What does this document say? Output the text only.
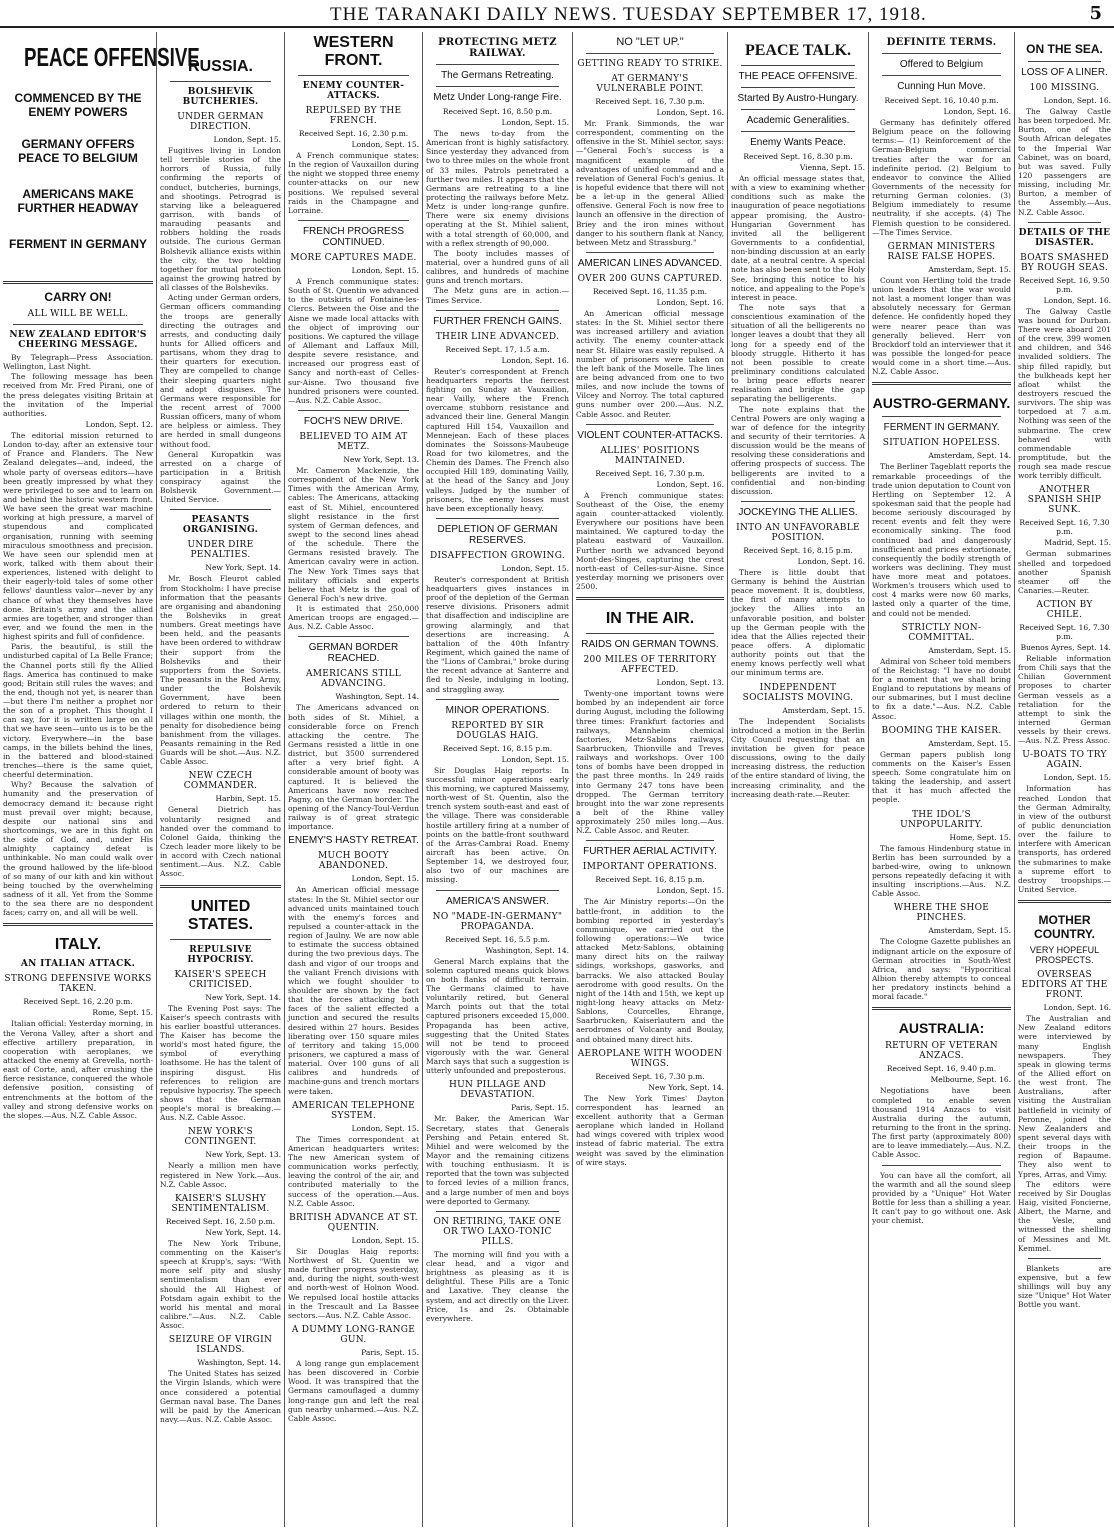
THE TARANAKI DAILY NEWS. TUESDAY SEPTEMBER 17, 1918.	5
PEACE OFFENSIVE
COMMENCED BY THE ENEMY POWERS
GERMANY OFFERS PEACE TO BELGIUM
AMERICANS MAKE FURTHER HEADWAY
FERMENT IN GERMANY
CARRY ON!
ALL WILL BE WELL.
NEW ZEALAND EDITOR'S CHEERING MESSAGE.
By Telegraph—Press Association. Wellington, Last Night.
The following message has been received from Mr. Fred Pirani, one of the press delegates visiting Britain at the invitation of the Imperial authorities.
London, Sept. 12.
The editorial mission returned to London to-day, after an extensive tour of France and Flanders. The New Zealand delegates—and, indeed, the whole party of overseas editors—have been greatly impressed by what they were privileged to see and to learn on and behind the historic western front. We have seen the great war machine working at high pressure, a marvel of stupendous and complicated organisation, running with seeming miraculous smoothness and precision. We have seen our splendid men at work, talked with them about their experiences, listened with delight to their eagerly-told tales of some other fellows' dauntless valor—never by any chance of what they themselves have done. Britain's army and the allied armies are together, and stronger than ever, and we found the men in the highest spirits and full of confidence.
Paris, the beautiful, is still the undisturbed capital of La Belle France; the Channel ports still fly the Allied flags. America has continued to make good; Britain still rules the waves; and the end, though not yet, is nearer than—but there I'm neither a prophet nor the son of a prophet. This thought I can say, for it is written large on all that we have seen—unto us is to be the victory. Everywhere—in the base camps, in the billets behind the lines, in the battered and blood-stained trenches—there is the same quiet, cheerful determination.
Why? Because the salvation of humanity and the preservation of democracy demand it: because right must prevail over might; because, despite our national sins and shortcomings, we are in this fight on the side of God, and, under His almighty captaincy defeat is unthinkable. No man could walk over the ground hallowed by the life-blood of so many of our kith and kin without being touched by the overwhelming sadness of it all. Yet from the Somme to the sea there are no despondent faces; carry on, and all will be well.
ITALY.
AN ITALIAN ATTACK.
STRONG DEFENSIVE WORKS TAKEN.
Received Sept. 16, 2.20 p.m.
Rome, Sept. 15.
Italian official: Yesterday morning, in the Verona Valley, after a short and effective artillery preparation, in cooperation with aeroplanes, we attacked the enemy at Grevella, north-east of Corte, and, after crushing the fierce resistance, conquered the whole defensive position, consisting of entrenchments at the bottom of the valley and strong defensive works on the slopes.—Aus. N.Z. Cable Assoc.
RUSSIA.
BOLSHEVIK BUTCHERIES.
UNDER GERMAN DIRECTION.
London, Sept. 15.
Fugitives living in London tell terrible stories of the horrors of Russia, fully confirming the reports of conduct, butcheries, burnings, and shootings. Petrograd is starving like a beleaguered garrison, with bands of marauding peasants and robbers holding the roads outside. The curious German Bolshevik alliance exists within the city, the two holding together for mutual protection against the growing hatred by all classes of the Bolsheviks.
Acting under German orders, German officers commanding the troops are generally directing the outrages and arrests, and conducting daily hunts for Allied officers and partisans, whom they drag to their quarters for execution. They are compelled to change their sleeping quarters night and adopt disguises. The Germans were responsible for the recent arrest of 7000 Russian officers, many of whom are helpless or aimless. They are herded in small dungeons without food.
General Kuropatkin was arrested on a charge of participation in a British conspiracy against the Bolshevik Government.—United Service.
PEASANTS ORGANISING.
UNDER DIRE PENALTIES.
New York, Sept. 14.
Mr. Bosch Fleurot cabled from Stockholm: I have precise information that the peasants are organising and abandoning the Bolsheviks in great numbers. Great meetings have been held, and the peasants have been ordered to withdraw their support from the Bolsheviks and their supporters from the Soviets. The peasants in the Red Army, under the Bolshevik Government, have been ordered to return to their villages within one month, the penalty for disobedience being banishment from the villages. Peasants remaining in the Red Guards will be shot.—Aus. N.Z. Cable Assoc.
NEW CZECH COMMANDER.
Harbin, Sept. 15.
General Dietrich has voluntarily resigned and handed over the command to Colonel Gaida, thinking the Czech leader more likely to be in accord with Czech national sentiment.—Aus. N.Z. Cable Assoc.
UNITED STATES.
REPULSIVE HYPOCRISY.
KAISER'S SPEECH CRITICISED.
New York, Sept. 14.
The Evening Post says: The Kaiser's speech contrasts with his earlier boastful utterances. The Kaiser has become the world's most hated figure, the symbol of everything loathsome. He has the talent of inspiring disgust. His references to religion are repulsive hypocrisy. The speech shows that the German people's moral is breaking.—Aus. N.Z. Cable Assoc.
NEW YORK'S CONTINGENT.
New York, Sept. 13.
Nearly a million men have registered in New York.—Aus. N.Z. Cable Assoc.
KAISER'S SLUSHY SENTIMENTALISM.
Received Sept. 16, 2.50 p.m.
New York, Sept. 14.
The New York Tribune, commenting on the Kaiser's speech at Krupp's, says: "With more self pity and slushy sentimentalism than ever should the All Highest of Potsdam again exhibit to the world his mental and moral calibre."—Aus. N.Z. Cable Assoc.
SEIZURE OF VIRGIN ISLANDS.
Washington, Sept. 14.
The United States has seized the Virgin Islands, which were once considered a potential German naval base. The Danes will be paid by the American navy.—Aus. N.Z. Cable Assoc.
WESTERN FRONT.
ENEMY COUNTER-ATTACKS.
REPULSED BY THE FRENCH.
Received Sept. 16, 2.30 p.m.
London, Sept. 15.
A French communique states: In the region of Vauxaillon during the night we stopped three enemy counter-attacks on our new positions. We repulsed several raids in the Champagne and Lorraine.
FRENCH PROGRESS CONTINUED.
MORE CAPTURES MADE.
London, Sept. 15.
A French communique states: South of St. Quentin we advanced to the outskirts of Fontaine-les-Clercs. Between the Oise and the Aisne we made local attacks with the object of improving our positions. We captured the village of Allemant and Laffaux Mill, despite severe resistance, and increased our progress east of Sancy and north-east of Celles-sur-Aisne. Two thousand five hundred prisoners were counted.—Aus. N.Z. Cable Assoc.
FOCH'S NEW DRIVE.
BELIEVED TO AIM AT METZ.
New York, Sept. 13.
Mr. Cameron Mackenzie, the correspondent of the New York Times with the American Army, cables: The Americans, attacking east of St. Mihiel, encountered slight resistance in the first system of German defences, and swept to the second lines ahead of the schedule. There the Germans resisted bravely. The American cavalry were in action. The New York Times says that military officials and experts believe that Metz is the goal of General Foch's new drive.
It is estimated that 250,000 American troops are engaged.—Aus. N.Z. Cable Assoc.
GERMAN BORDER REACHED.
AMERICANS STILL ADVANCING.
Washington, Sept. 14.
The Americans advanced on both sides of St. Mihiel, a considerable force on French attacking the centre. The Germans resisted a little in one district, but 3500 surrendered after a very brief fight. A considerable amount of booty was captured. It is believed the Americans have now reached Pagny, on the German border. The opening of the Nancy-Toul-Verdun railway is of great strategic importance.
ENEMY'S HASTY RETREAT.
MUCH BOOTY ABANDONED.
London, Sept. 15.
An American official message states: In the St. Mihiel sector our advanced units maintained touch with the enemy's forces and repulsed a counter-attack in the region of Jaulny. We are now able to estimate the success obtained during the two previous days. The dash and vigor of our troops and the valiant French divisions with which we fought shoulder to shoulder are shown by the fact that the forces attacking both faces of the salient effected a junction and secured the results desired within 27 hours. Besides liberating over 150 square miles of territory and taking 15,000 prisoners, we captured a mass of material. Over 100 guns of all calibres and hundreds of machine-guns and trench mortars were taken.
AMERICAN TELEPHONE SYSTEM.
London, Sept. 15.
The Times correspondent at American headquarters writes: The new American system of communication works perfectly, leaving the control of the air, and contributed materially to the success of the operation.—Aus. N.Z. Cable Assoc.
BRITISH ADVANCE AT ST. QUENTIN.
London, Sept. 15.
Sir Douglas Haig reports: Northwest of St. Quentin we made further progress yesterday, and, during the night, south-west and north-west of Holnon Wood. We repulsed local hostile attacks in the Trescault and La Bassee sectors.—Aus. N.Z. Cable Assoc.
A DUMMY LONG-RANGE GUN.
Paris, Sept. 15.
A long range gun emplacement has been discovered in Corbie Wood. It was transpired that the Germans camouflaged a dummy long-range gun and left the real gun nearby unharmed.—Aus. N.Z. Cable Assoc.
PROTECTING METZ RAILWAY.
The Germans Retreating.
Metz Under Long-range Fire.
Received Sept. 16, 8.50 p.m.
London, Sept. 15.
The news to-day from the American front is highly satisfactory. Since yesterday they advanced from two to three miles on the whole front of 33 miles. Patrols penetrated a further two miles. It appears that the Germans are retreating to a line protecting the railways before Metz. Metz is under long-range gunfire. There were six enemy divisions operating at the St. Mihiel salient, with a total strength of 60,000, and with a reflex strength of 90,000.
The booty includes masses of material, over a hundred guns of all calibres, and hundreds of machine guns and trench mortars.
The Metz guns are in action.—Times Service.
FURTHER FRENCH GAINS.
THEIR LINE ADVANCED.
Received Sept. 17, 1.5 a.m.
London, Sept. 16.
Reuter's correspondent at French headquarters reports the fiercest fighting on Sunday at Vauxaillon, near Vailly, where the French overcame stubborn resistance and advanced their line. General Mangin captured Hill 154, Vauxaillon and Mennejean. Each of these places dominates the Soissons-Maubeuge Road for two kilometres, and the Chemin des Dames. The French also occupied Hill 189, dominating Vailly, at the head of the Sancy and Jouy valleys. Judged by the number of prisoners, the enemy losses must have been exceptionally heavy.
DEPLETION OF GERMAN RESERVES.
DISAFFECTION GROWING.
London, Sept. 15.
Reuter's correspondent at British headquarters gives instances in proof of the depletion of the German reserve divisions. Prisoners admit that disaffection and indiscipline are growing alarmingly, and that desertions are increasing. A battalion of the 40th Infantry Regiment, which gained the name of the "Lions of Cambrai," broke during the recent advance at Santerre and fled to Nesle, indulging in looting, and straggling away.
MINOR OPERATIONS.
REPORTED BY SIR DOUGLAS HAIG.
Received Sept. 16, 8.15 p.m.
London, Sept. 15.
Sir Douglas Haig reports: In successful minor operations early this morning, we captured Maissemy, north-west of St. Quentin, also the trench system south-east and east of the village. There was considerable hostile artillery firing at a number of points on the battle-front southward of the Arras-Cambrai Road. Enemy aircraft has been active. On September 14, we destroyed four, also two of our machines are missing.
AMERICA'S ANSWER.
NO "MADE-IN-GERMANY" PROPAGANDA.
Received Sept. 16, 5.5 p.m.
Washington, Sept. 14.
General March explains that the solemn captured means quick blows on both flanks of difficult terrain. The Germans claimed to have voluntarily retired, but General March points out that the total captured prisoners exceeded 15,000. Propaganda has been active, suggesting that the United States will not be tend to proceed vigorously with the war. General March says that such a suggestion is utterly unfounded and preposterous.
HUN PILLAGE AND DEVASTATION.
Paris, Sept. 15.
Mr. Baker, the American War Secretary, states that Generals Pershing and Petain entered St. Mihiel and were welcomed by the Mayor and the remaining citizens with touching enthusiasm. It is reported that the town was subjected to forced levies of a million francs, and a large number of men and boys were deported to Germany.
ON RETIRING, TAKE ONE OR TWO LAXO-TONIC PILLS.
The morning will find you with a clear head, and a vigor and brightness as pleasing as it is delightful. These Pills are a Tonic and Laxative. They cleanse the system, and act directly on the Liver. Price, 1s and 2s. Obtainable everywhere.
NO "LET UP."
GETTING READY TO STRIKE.
AT GERMANY'S VULNERABLE POINT.
Received Sept. 16, 7.30 p.m.
London, Sept. 16.
Mr. Frank Simmonds, the war correspondent, commenting on the offensive in the St. Mihiel sector, says:—"General Foch's success is a magnificent example of the advantages of unified command and a revelation of General Foch's genius. It is hopeful evidence that there will not be a let-up in the general Allied offensive. General Foch is now free to launch an offensive in the direction of Briey and the iron mines without danger to his southern flank at Nancy, between Metz and Strassburg."
AMERICAN LINES ADVANCED.
OVER 200 GUNS CAPTURED.
Received Sept. 16, 11.35 p.m.
London, Sept. 16.
An American official message states: In the St. Mihiel sector there was increased artillery and aviation activity. The enemy counter-attack near St. Hilaire was easily repulsed. A number of prisoners were taken on the left bank of the Moselle. The lines are being advanced from one to two miles, and now include the towns of Vilcey and Norroy. The total captured guns number over 200.—Aus. N.Z. Cable Assoc. and Reuter.
VIOLENT COUNTER-ATTACKS.
ALLIES' POSITIONS MAINTAINED.
Received Sept. 16, 7.30 p.m.
London, Sept. 16.
A French communique states: Southeast of the Oise, the enemy again counter-attacked violently. Everywhere our positions have been maintained. We captured to-day the plateau eastward of Vauxaillon. Further north we advanced beyond Mont-des-Singes, capturing the crest north-east of Celles-sur-Aisne. Since yesterday morning we prisoners over 2500.
IN THE AIR.
RAIDS ON GERMAN TOWNS.
200 MILES OF TERRITORY AFFECTED.
London, Sept. 13.
Twenty-one important towns were bombed by an independent air force during August, including the following three times: Frankfurt factories and railways, Mannheim chemical factories, Metz-Sablons railways, Saarbrucken, Thionville and Treves railways and workshops. Over 100 tons of bombs have been dropped in the past three months. In 249 raids into Germany 247 tons have been dropped. The German territory brought into the war zone represents a belt of the Rhine valley approximately 250 miles long.—Aus. N.Z. Cable Assoc. and Reuter.
FURTHER AERIAL ACTIVITY.
IMPORTANT OPERATIONS.
Received Sept. 16, 8.15 p.m.
London, Sept. 15.
The Air Ministry reports:—On the battle-front, in addition to the bombing reported in yesterday's communique, we carried out the following operations:—We twice attacked Metz-Sablons, obtaining many direct hits on the railway sidings, workshops, gasworks, and barracks. We also attacked Boulay aerodrome with good results. On the night of the 14th and 15th, we kept up night-long heavy attacks on Metz-Sablons, Courcelles, Ehrange, Saarbrucken, Kaiserlautern and the aerodromes of Volcanty and Boulay, and obtained many direct hits.
AEROPLANE WITH WOODEN WINGS.
Received Sept. 16, 7.30 p.m.
New York, Sept. 14.
The New York Times' Dayton correspondent has learned an excellent authority that a German aeroplane which landed in Holland had wings covered with triplex wood instead of fabric material. The extra weight was saved by the elimination of wire stays.
PEACE TALK.
THE PEACE OFFENSIVE.
Started By Austro-Hungary.
Academic Generalities.
Enemy Wants Peace.
Received Sept. 16, 8.30 p.m.
Vienna, Sept. 15.
An official message states that, with a view to examining whether conditions such as make the inauguration of peace negotiations appear promising, the Austro-Hungarian Government has invited all the belligerent Governments to a confidential, non-binding discussion at an early date, at a neutral centre. A special note has also been sent to the Holy See, bringing this notice to his notice, and appealing to the Pope's interest in peace.
The note says that a conscientious examination of the situation of all the belligerents no longer leaves a doubt that they all long for a speedy end of the bloody struggle. Hitherto it has not been possible to create preliminary conditions calculated to bring peace efforts nearer realisation and bridge the gap separating the belligerents.
The note explains that the Central Powers are only waging a war of defence for the integrity and security of their territories. A discussion would be the means of resolving these considerations and offering prospects of success. The belligerents are invited to a confidential and non-binding discussion.
JOCKEYING THE ALLIES.
INTO AN UNFAVORABLE POSITION.
Received Sept. 16, 8.15 p.m.
London, Sept. 16.
There is little doubt that Germany is behind the Austrian peace movement. It is, doubtless, the first of many attempts to jockey the Allies into an unfavorable position, and bolster up the German people with the idea that the Allies rejected their peace offers. A diplomatic authority points out that the enemy knows perfectly well what our minimum terms are.
INDEPENDENT SOCIALISTS MOVING.
Amsterdam, Sept. 15.
The Independent Socialists introduced a motion in the Berlin City Council requesting that an invitation be given for peace discussions, owing to the daily increasing distress, the reduction of the entire standard of living, the increasing criminality, and the increasing death-rate.—Reuter.
DEFINITE TERMS.
Offered to Belgium
Cunning Hun Move.
Received Sept. 16, 10.40 p.m.
London, Sept. 16.
Germany has definitely offered Belgium peace on the following terms:— (1) Reinforcement of the German-Belgium commercial treaties after the war for an indefinite period. (2) Belgium to endeavor to convince the Allied Governments of the necessity for returning German colonies. (3) Belgium immediately to resume neutrality, if she accepts. (4) The Flemish question to be considered.—The Times Service.
GERMAN MINISTERS RAISE FALSE HOPES.
Amsterdam, Sept. 15.
Count von Hertling told the trade union leaders that the war would not last a moment longer than was absolutely necessary for German defence. He confidently hoped they were nearer peace than was generally believed. Herr von Brockdorf told an interviewer that it was possible the longed-for peace would come in a short time.—Aus. N.Z. Cable Assoc.
AUSTRO-GERMANY.
FERMENT IN GERMANY.
SITUATION HOPELESS.
Amsterdam, Sept. 14.
The Berliner Tageblatt reports the remarkable proceedings of the trade union deputation to Count von Hertling on September 12. A spokesman said that the people had become seriously discouraged by recent events and felt they were economically sinking. The food continued bad and dangerously insufficient and prices extortionate, consequently the bodily strength of workers was declining. They must have more meat and potatoes. Workmen's trousers which used to cost 4 marks were now 60 marks, lasted only a quarter of the time, and could not be mended.
STRICTLY NON-COMMITTAL.
Amsterdam, Sept. 15.
Admiral von Scheer told members of the Reichstag: "I have no doubt for a moment that we shall bring England to reputations by means of our submarines, but I must decline to fix a date."—Aus. N.Z. Cable Assoc.
BOOMING THE KAISER.
Amsterdam, Sept. 15.
German papers publish long comments on the Kaiser's Essen speech. Some congratulate him on taking the leadership, and assert that it has much affected the people.
THE IDOL'S UNPOPULARITY.
Home, Sept. 15.
The famous Hindenburg statue in Berlin has been surrounded by a barbed-wire, owing to unknown persons repeatedly defacing it with insulting inscriptions.—Aus. N.Z. Cable Assoc.
WHERE THE SHOE PINCHES.
Amsterdam, Sept. 15.
The Cologne Gazette publishes an indignant article on the exposure of German atrocities in South-West Africa, and says: "Hypocritical Albion thereby attempts to conceal her predatory instincts behind a moral facade."
AUSTRALIA:
RETURN OF VETERAN ANZACS.
Received Sept. 16, 9.40 p.m.
Melbourne, Sept. 16.
Negotiations have been completed to enable seven thousand 1914 Anzacs to visit Australia during the autumn, returning to the front in the spring. The first party (approximately 800) are to leave immediately.—Aus. N.Z. Cable Assoc.
You can have all the comfort, all the warmth and all the sound sleep provided by a "Unique" Hot Water Bottle for less than a shilling a year. It can't pay to go without one. Ask your chemist.
ON THE SEA.
LOSS OF A LINER.
100 MISSING.
London, Sept. 16.
The Galway Castle has been torpedoed. Mr. Burton, one of the South African delegates to the Imperial War Cabinet, was on board, but was saved. Fully 120 passengers are missing, including Mr. Burton, a member of the Assembly.—Aus. N.Z. Cable Assoc.
DETAILS OF THE DISASTER.
BOATS SMASHED BY ROUGH SEAS.
Received Sept. 16, 9.50 p.m.
London, Sept. 16.
The Galway Castle was bound for Durban. There were aboard 201 of the crew, 399 women and children, and 346 invalided soldiers. The ship filled rapidly, but the bulkheads kept her afloat whilst the destroyers rescued the survivors. The ship was torpedoed at 7 a.m. Nothing was seen of the submarine. The crew behaved with commendable promptitude, but the rough sea made rescue work terribly difficult.
ANOTHER SPANISH SHIP SUNK.
Received Sept. 16, 7.30 p.m.
Madrid, Sept. 15.
German submarines shelled and torpedoed another Spanish steamer off the Canaries.—Reuter.
ACTION BY CHILE.
Received Sept. 16, 7.30 p.m.
Buenos Ayres, Sept. 14.
Reliable information from Chili says that the Chilian Government proposes to charter German vessels as a retaliation for the attempt to sink the interned German vessels by their crews.—Aus. N.Z. Press Assoc.
U-BOATS TO TRY AGAIN.
London, Sept. 15.
Information has reached London that the German Admiralty, in view of the outburst of public denunciation over the failure to interfere with American transports, has ordered the submarines to make a supreme effort to destroy troopships.—United Service.
MOTHER COUNTRY.
VERY HOPEFUL PROSPECTS.
OVERSEAS EDITORS AT THE FRONT.
London, Sept. 16.
The Australian and New Zealand editors were interviewed by many English newspapers. They speak in glowing terms of the Allied effort on the west front. The Australians, after visiting the Australian battlefield in vicinity of Peronne, joined the New Zealanders and spent several days with their troops in the region of Bapaume. They also went to Ypres, Arras, and Vimy.
The editors were received by Sir Douglas Haig, visited Foncierne, Albert, the Marne, and the Vesle, and witnessed the shelling of Messines and Mt. Kemmel.
Blankets are expensive, but a few shillings will buy any size "Unique" Hot Water Bottle you want.
